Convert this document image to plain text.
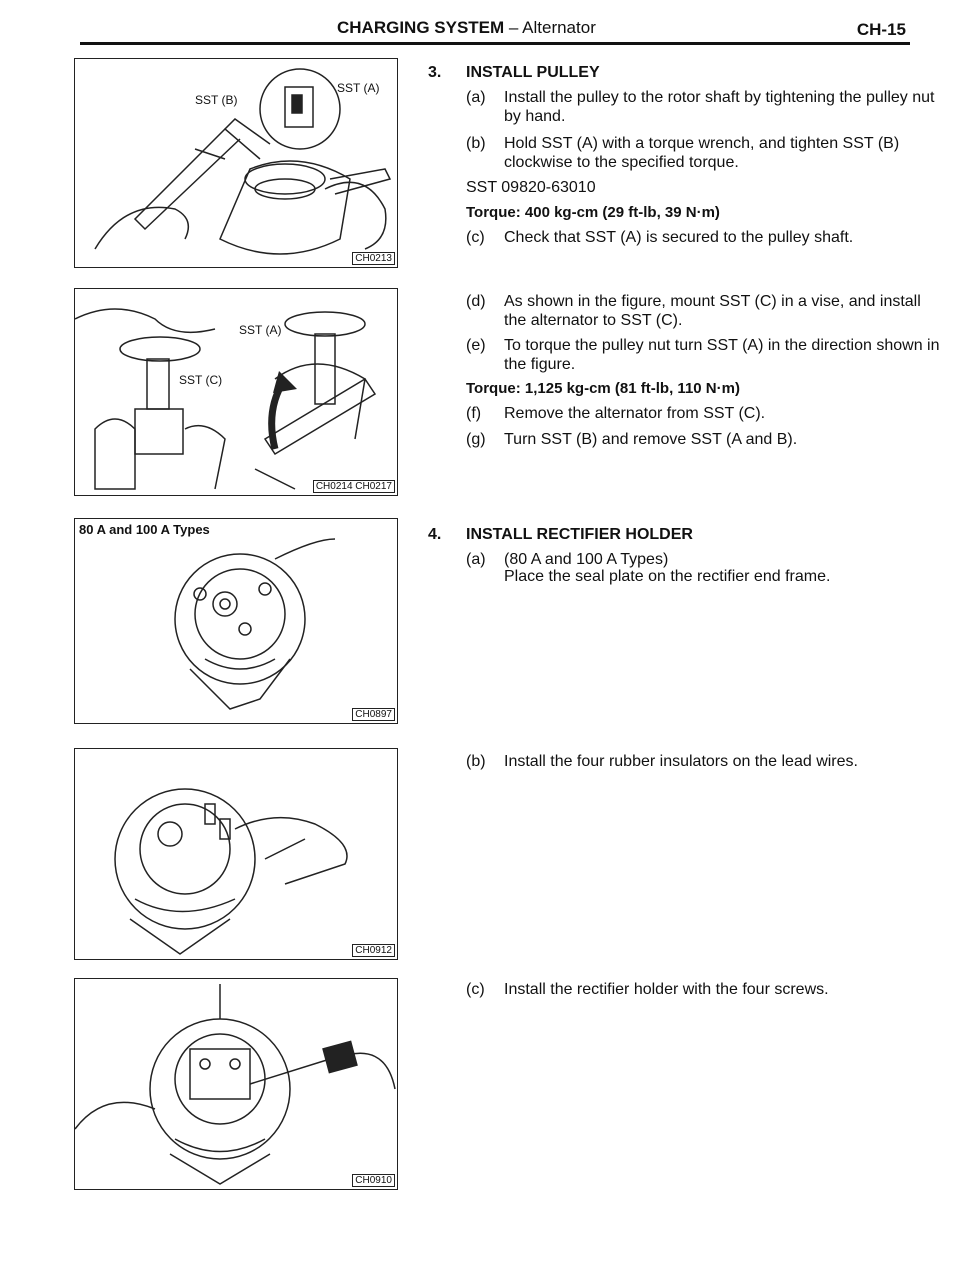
CHARGING SYSTEM – Alternator	CH-15
SST (B)
SST (A)
CH0213
SST (A)
SST (C)
CH0214 CH0217
80 A and 100 A Types
CH0897
CH0912
CH0910
3. INSTALL PULLEY
(a) Install the pulley to the rotor shaft by tightening the pulley nut by hand.
(b) Hold SST (A) with a torque wrench, and tighten SST (B) clockwise to the specified torque.
SST 09820-63010
Torque: 400 kg-cm (29 ft-lb, 39 N·m)
(c) Check that SST (A) is secured to the pulley shaft.
(d) As shown in the figure, mount SST (C) in a vise, and install the alternator to SST (C).
(e) To torque the pulley nut turn SST (A) in the direction shown in the figure.
Torque: 1,125 kg-cm (81 ft-lb, 110 N·m)
(f) Remove the alternator from SST (C).
(g) Turn SST (B) and remove SST (A and B).
4. INSTALL RECTIFIER HOLDER
(a) (80 A and 100 A Types)
Place the seal plate on the rectifier end frame.
(b) Install the four rubber insulators on the lead wires.
(c) Install the rectifier holder with the four screws.
